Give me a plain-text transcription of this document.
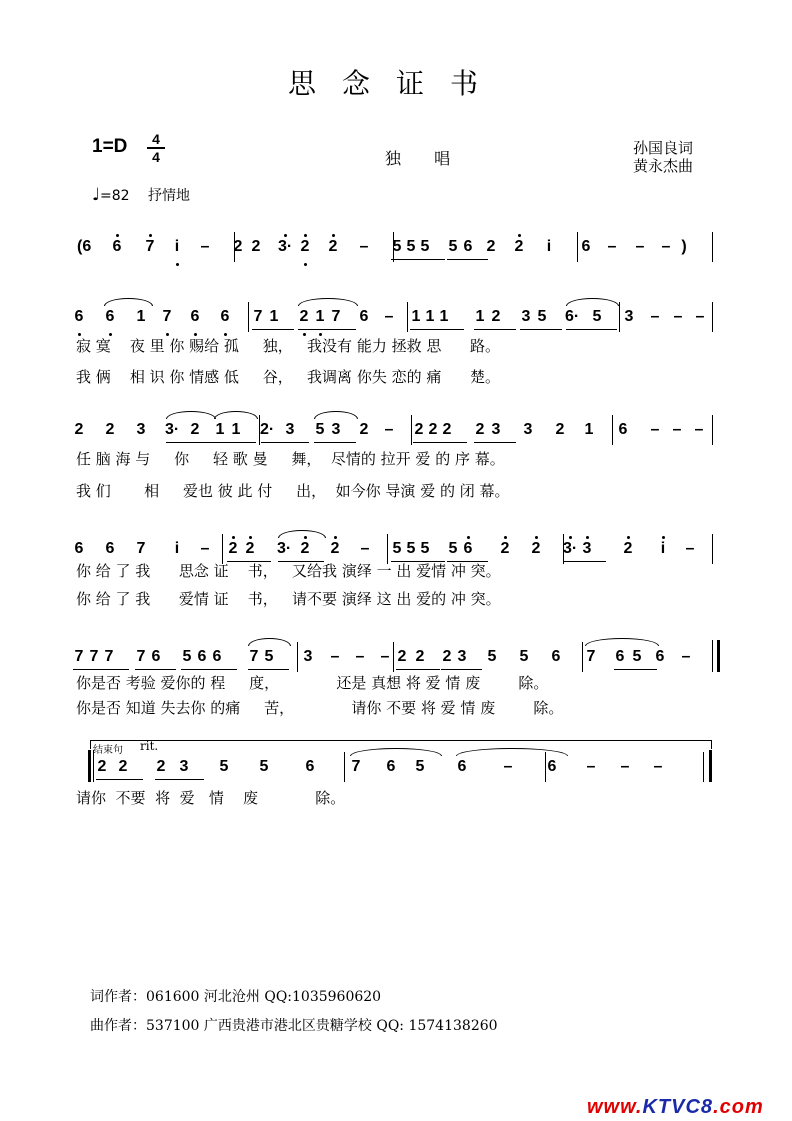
思念证书
1=D	4
4	独 唱
孙国良词
黄永杰曲
♩=82 抒情地
(6 6 7 i – 2 2 3· 2 2 – 5 5 5 5 6 2 2 i 6 – – – )
6 6 1 7 6 6 7 1 2 1 7 6 – 1 1 1 1 2 3 5 6· 5 3 – – –
寂 寞    夜 里 你 赐给 孤     独，   我没有 能力 拯救 思      路。
我 俩    相 识 你 情感 低     谷，   我调离 你失 恋的 痛      楚。
2 2 3 3· 2 1 1 2· 3 5 3 2 – 2 2 2 2 3 3 2 1 6 – – –
任 脑 海 与     你     轻 歌 曼     舞，  尽情的 拉开 爱 的 序 幕。
我 们       相     爱也 彼 此 付     出，  如今你 导演 爱 的 闭 幕。
6 6 7 i – 2 2 3· 2 2 – 5 5 5 5 6 2 2 3· 3 2 i –
你 给 了 我      思念 证    书，   又给我 演绎 一 出 爱情 冲 突。
你 给 了 我      爱情 证    书，   请不要 演绎 这 出 爱的 冲 突。
7 7 7 7 6 5 6 6 7 5 3 – – – 2 2 2 3 5 5 6 7 6 5 6 –
你是否 考验 爱你的 程     度，            还是 真想 将 爱 情 废        除。
你是否 知道 失去你 的痛     苦，            请你 不要 将 爱 情 废        除。
2 2 2 3 5 5 6 7 6 5 6 – 6 – – –
请你  不要  将  爱   情    废            除。
结束句 rit.
词作者：061600 河北沧州 QQ:1035960620
曲作者：537100 广西贵港市港北区贵糖学校 QQ: 1574138260
www.KTVC8.com
